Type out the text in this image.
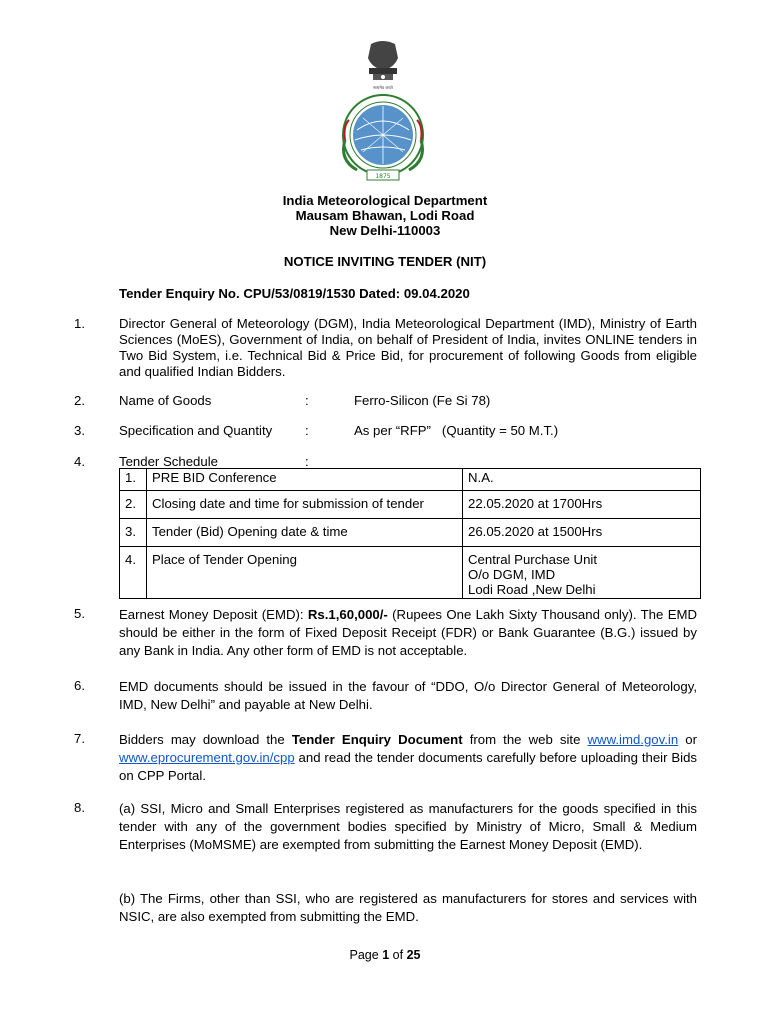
सत्यमेव जयते
1875
India Meteorological Department
Mausam Bhawan, Lodi Road
New Delhi-110003
NOTICE INVITING TENDER (NIT)
Tender Enquiry No. CPU/53/0819/1530 Dated: 09.04.2020
1.	Director General of Meteorology (DGM), India Meteorological Department (IMD), Ministry of Earth Sciences (MoES), Government of India, on behalf of President of India, invites ONLINE tenders in Two Bid System, i.e. Technical Bid & Price Bid, for procurement of following Goods from eligible and qualified Indian Bidders.
2.	Name of Goods	:	Ferro-Silicon (Fe Si 78)
3.	Specification and Quantity :	As per “RFP”   (Quantity = 50 M.T.)
4.	Tender Schedule	:
1.	PRE BID Conference	N.A.
2.	Closing date and time for submission of tender	22.05.2020 at 1700Hrs
3.	Tender (Bid) Opening date & time	26.05.2020 at 1500Hrs
4.	Place of Tender Opening	Central Purchase Unit
O/o DGM, IMD
Lodi Road ,New Delhi
5.	Earnest Money Deposit (EMD): Rs.1,60,000/- (Rupees One Lakh Sixty Thousand only). The EMD should be either in the form of Fixed Deposit Receipt (FDR) or Bank Guarantee (B.G.) issued by any Bank in India. Any other form of EMD is not acceptable.
6.	EMD documents should be issued in the favour of “DDO, O/o Director General of Meteorology, IMD, New Delhi” and payable at New Delhi.
7.	Bidders may download the Tender Enquiry Document from the web site www.imd.gov.in or www.eprocurement.gov.in/cpp and read the tender documents carefully before uploading their Bids on CPP Portal.
8.	(a) SSI, Micro and Small Enterprises registered as manufacturers for the goods specified in this tender with any of the government bodies specified by Ministry of Micro, Small & Medium Enterprises (MoMSME) are exempted from submitting the Earnest Money Deposit (EMD).
(b) The Firms, other than SSI, who are registered as manufacturers for stores and services with NSIC, are also exempted from submitting the EMD.
Page 1 of 25
